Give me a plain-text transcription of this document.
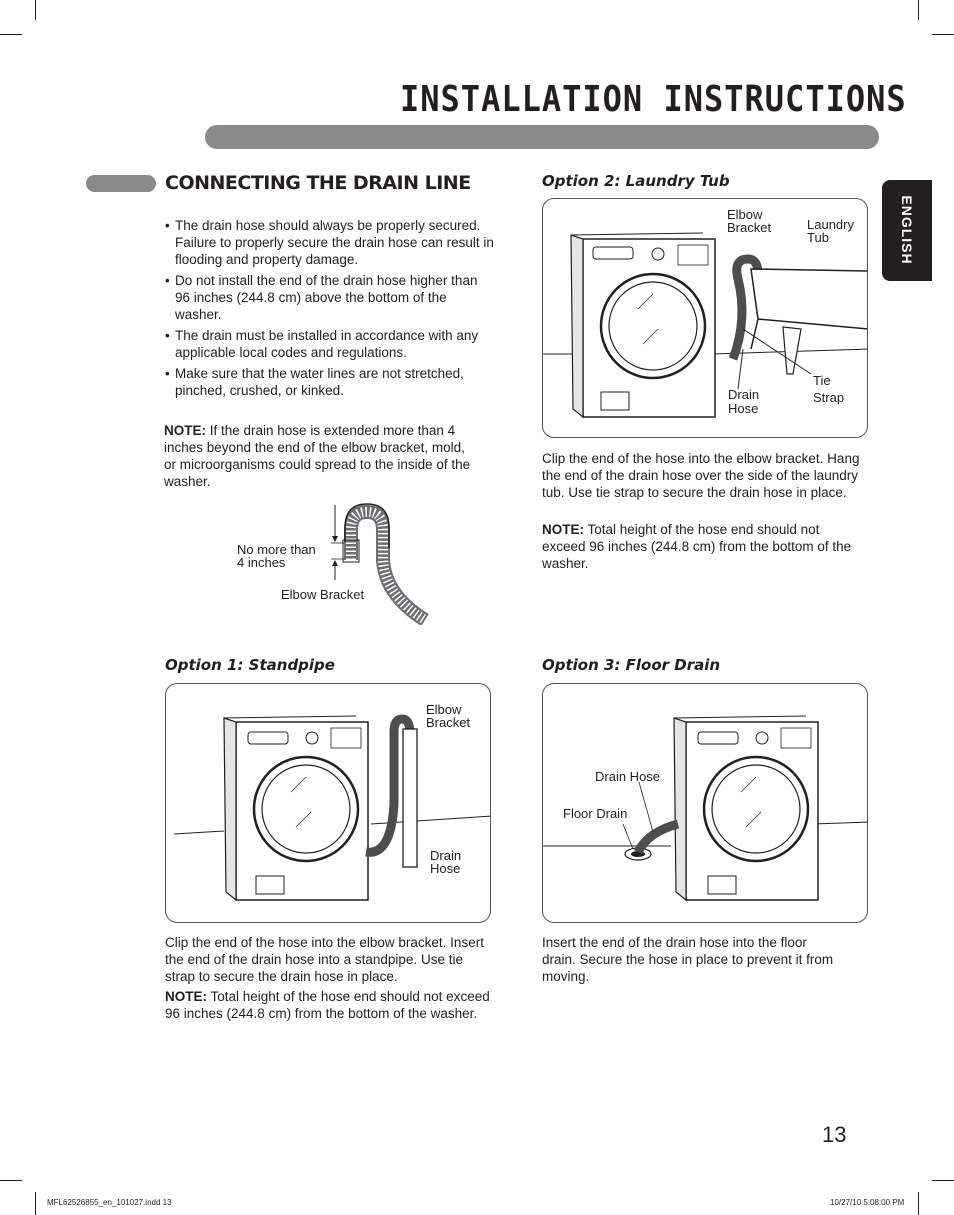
INSTALLATION INSTRUCTIONS
ENGLISH
CONNECTING THE DRAIN LINE
• The drain hose should always be properly secured. Failure to properly secure the drain hose can result in flooding and property damage.
• Do not install the end of the drain hose higher than 96 inches (244.8 cm) above the bottom of the washer.
• The drain must be installed in accordance with any applicable local codes and regulations.
• Make sure that the water lines are not stretched, pinched, crushed, or kinked.

NOTE: If the drain hose is extended more than 4 inches beyond the end of the elbow bracket, mold, or microorganisms could spread to the inside of the washer.

No more than
4 inches
Elbow Bracket
Option 2: Laundry Tub
Elbow
Bracket	Laundry
Tub
Drain
Hose
Tie
Strap

Clip the end of the hose into the elbow bracket. Hang the end of the drain hose over the side of the laundry tub. Use tie strap to secure the drain hose in place.

NOTE: Total height of the hose end should not exceed 96 inches (244.8 cm) from the bottom of the washer.

Option 1: Standpipe
Elbow
Bracket
Drain
Hose

Clip the end of the hose into the elbow bracket. Insert the end of the drain hose into a standpipe. Use tie strap to secure the drain hose in place.

NOTE: Total height of the hose end should not exceed 96 inches (244.8 cm) from the bottom of the washer.

Option 3: Floor Drain
Drain Hose
Floor Drain

Insert the end of the drain hose into the floor drain. Secure the hose in place to prevent it from moving.

13
MFL62526855_en_101027.indd 13	10/27/10 5:08:00 PM
